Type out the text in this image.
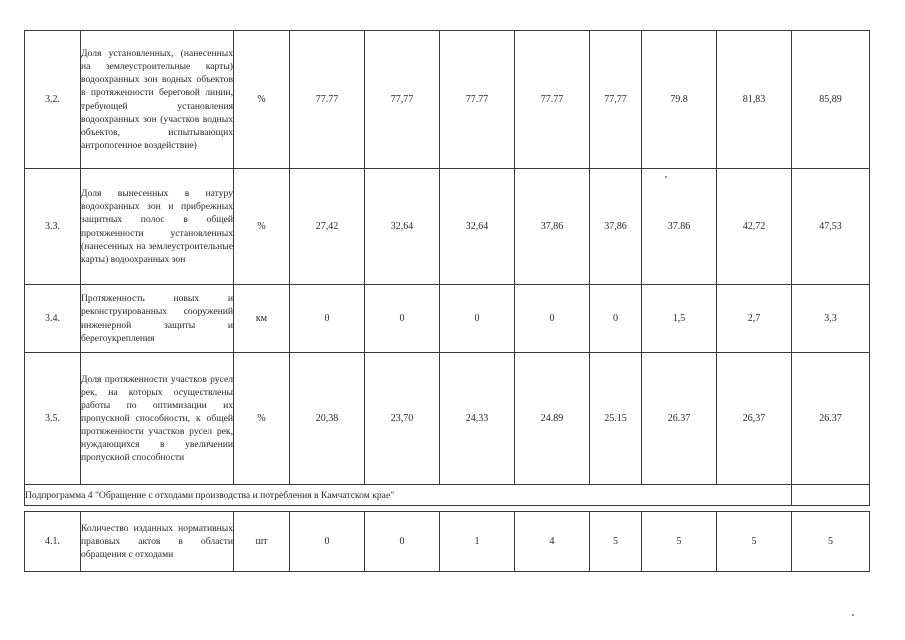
3.2.	Доля установленных, (нанесенных на землеустроительные карты) водоохранных зон водных объектов в протяженности береговой линии, требующей установления водоохранных зон (участков водных объектов, испытывающих антропогенное воздействие)	%	77.77	77,77	77.77	77.77	77,77	79.8	81,83	85,89
3.3.	Доля вынесенных в натуру водоохранных зон и прибрежных защитных полос в общей протяженности установленных (нанесенных на землеустроительные карты) водоохранных зон	%	27,42	32,64	32,64	37,86	37,86	37.86	42,72	47,53
3.4.	Протяженность новых и реконструированных сооружений инженерной защиты и берегоукрепления	км	0	0	0	0	0	1,5	2,7	3,3
3.5.	Доля протяженности участков русел рек, на которых осуществлены работы по оптимизации их пропускной способности, к общей протяженности участков русел рек, нуждающихся в увеличении пропускной способности	%	20,38	23,70	24,33	24.89	25.15	26.37	26,37	26.37
Подпрограмма 4 "Обращение с отходами производства и потребления в Камчатском крае"										

4.1.	Количество изданных нормативных правовых актов в области обращения с отходами	шт	0	0	1	4	5	5	5	5
